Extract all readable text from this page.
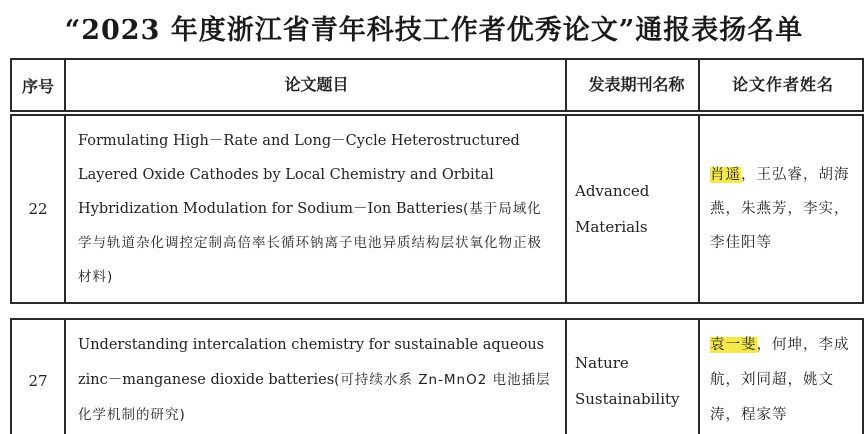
“2023 年度浙江省青年科技工作者优秀论文”通报表扬名单
序号	论文题目	发表期刊名称	论文作者姓名
22	Formulating High－Rate and Long－Cycle Heterostructured Layered Oxide Cathodes by Local Chemistry and Orbital Hybridization Modulation for Sodium－Ion Batteries(基于局域化学与轨道杂化调控定制高倍率长循环钠离子电池异质结构层状氧化物正极材料)	Advanced Materials	肖遥，王弘睿，胡海燕，朱燕芳，李实，李佳阳等
27	Understanding intercalation chemistry for sustainable aqueous zinc－manganese dioxide batteries(可持续水系 Zn-MnO2 电池插层化学机制的研究)	Nature Sustainability	袁一斐，何坤，李成航，刘同超，姚文涛，程家等
